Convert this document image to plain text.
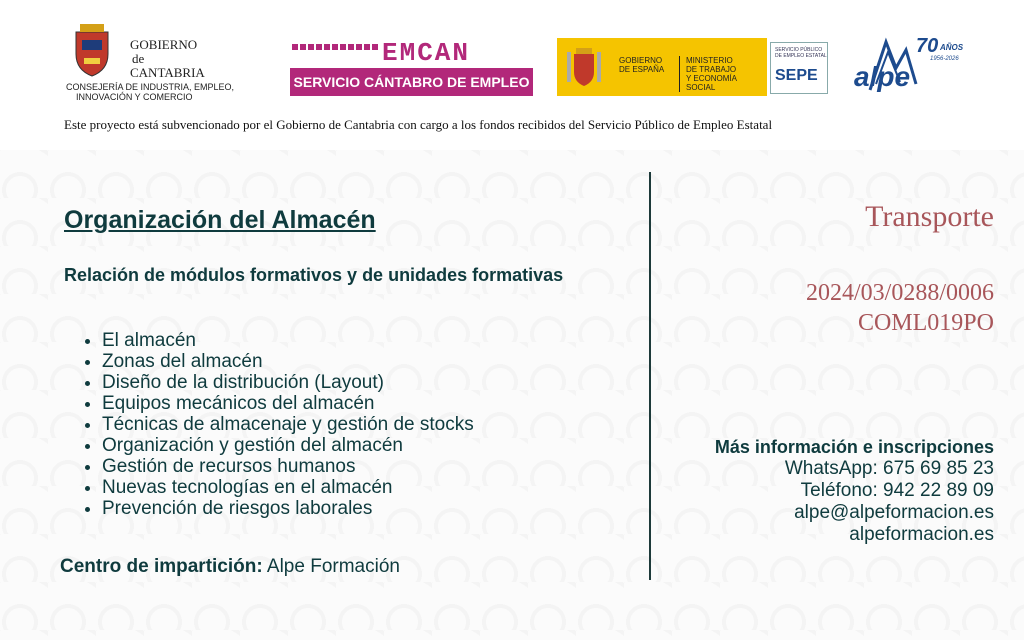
GOBIERNO
de
CANTABRIA
CONSEJERÍA DE INDUSTRIA, EMPLEO,
INNOVACIÓN Y COMERCIO
EMCAN
SERVICIO CÁNTABRO DE EMPLEO
GOBIERNO
DE ESPAÑA
MINISTERIO
DE TRABAJO
Y ECONOMÍA SOCIAL
SERVICIO PÚBLICO
DE EMPLEO ESTATAL
SEPE
70 AÑOS
1956-2026
alpe
Este proyecto está subvencionado por el Gobierno de Cantabria con cargo a los fondos recibidos del Servicio Público de Empleo Estatal
Organización del Almacén
Relación de módulos formativos y de unidades formativas
• El almacén
• Zonas del almacén
• Diseño de la distribución (Layout)
• Equipos mecánicos del almacén
• Técnicas de almacenaje y gestión de stocks
• Organización y gestión del almacén
• Gestión de recursos humanos
• Nuevas tecnologías en el almacén
• Prevención de riesgos laborales
Centro de impartición: Alpe Formación
Transporte
2024/03/0288/0006
COML019PO
Más información e inscripciones
WhatsApp: 675 69 85 23
Teléfono: 942 22 89 09
alpe@alpeformacion.es
alpeformacion.es
